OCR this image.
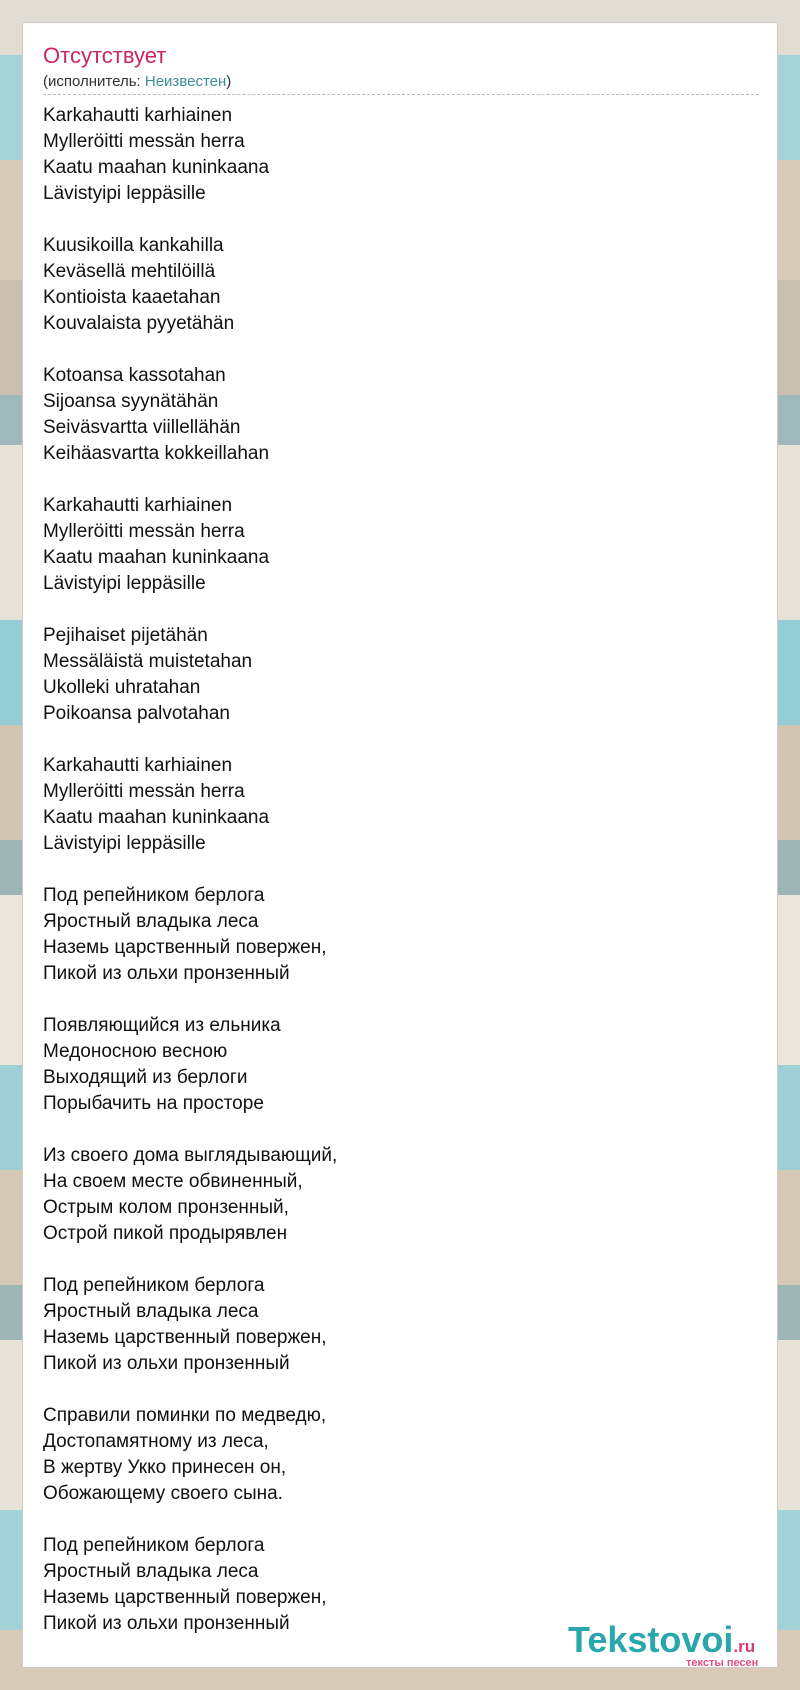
Отсутствует
(исполнитель: Неизвестен)
Karkahautti karhiainen
Mylleröitti messän herra
Kaatu maahan kuninkaana
Lävistyipi leppäsille
Kuusikoilla kankahilla
Keväsellä mehtilöillä
Kontioista kaaetahan
Kouvalaista pyyetähän
Kotoansa kassotahan
Sijoansa syynätähän
Seiväsvartta viillellähän
Keihäasvartta kokkeillahan
Karkahautti karhiainen
Mylleröitti messän herra
Kaatu maahan kuninkaana
Lävistyipi leppäsille
Pejihaiset pijetähän
Messäläistä muistetahan
Ukolleki uhratahan
Poikoansa palvotahan
Karkahautti karhiainen
Mylleröitti messän herra
Kaatu maahan kuninkaana
Lävistyipi leppäsille
Под репейником берлога
Яростный владыка леса
Наземь царственный повержен,
Пикой из ольхи пронзенный
Появляющийся из ельника
Медоносною весною
Выходящий из берлоги
Порыбачить на просторе
Из своего дома выглядывающий,
На своем месте обвиненный,
Острым колом пронзенный,
Острой пикой продырявлен
Под репейником берлога
Яростный владыка леса
Наземь царственный повержен,
Пикой из ольхи пронзенный
Справили поминки по медведю,
Достопамятному из леса,
В жертву Укко принесен он,
Обожающему своего сына.
Под репейником берлога
Яростный владыка леса
Наземь царственный повержен,
Пикой из ольхи пронзенный	Tekstovoi.ru
тексты песен
